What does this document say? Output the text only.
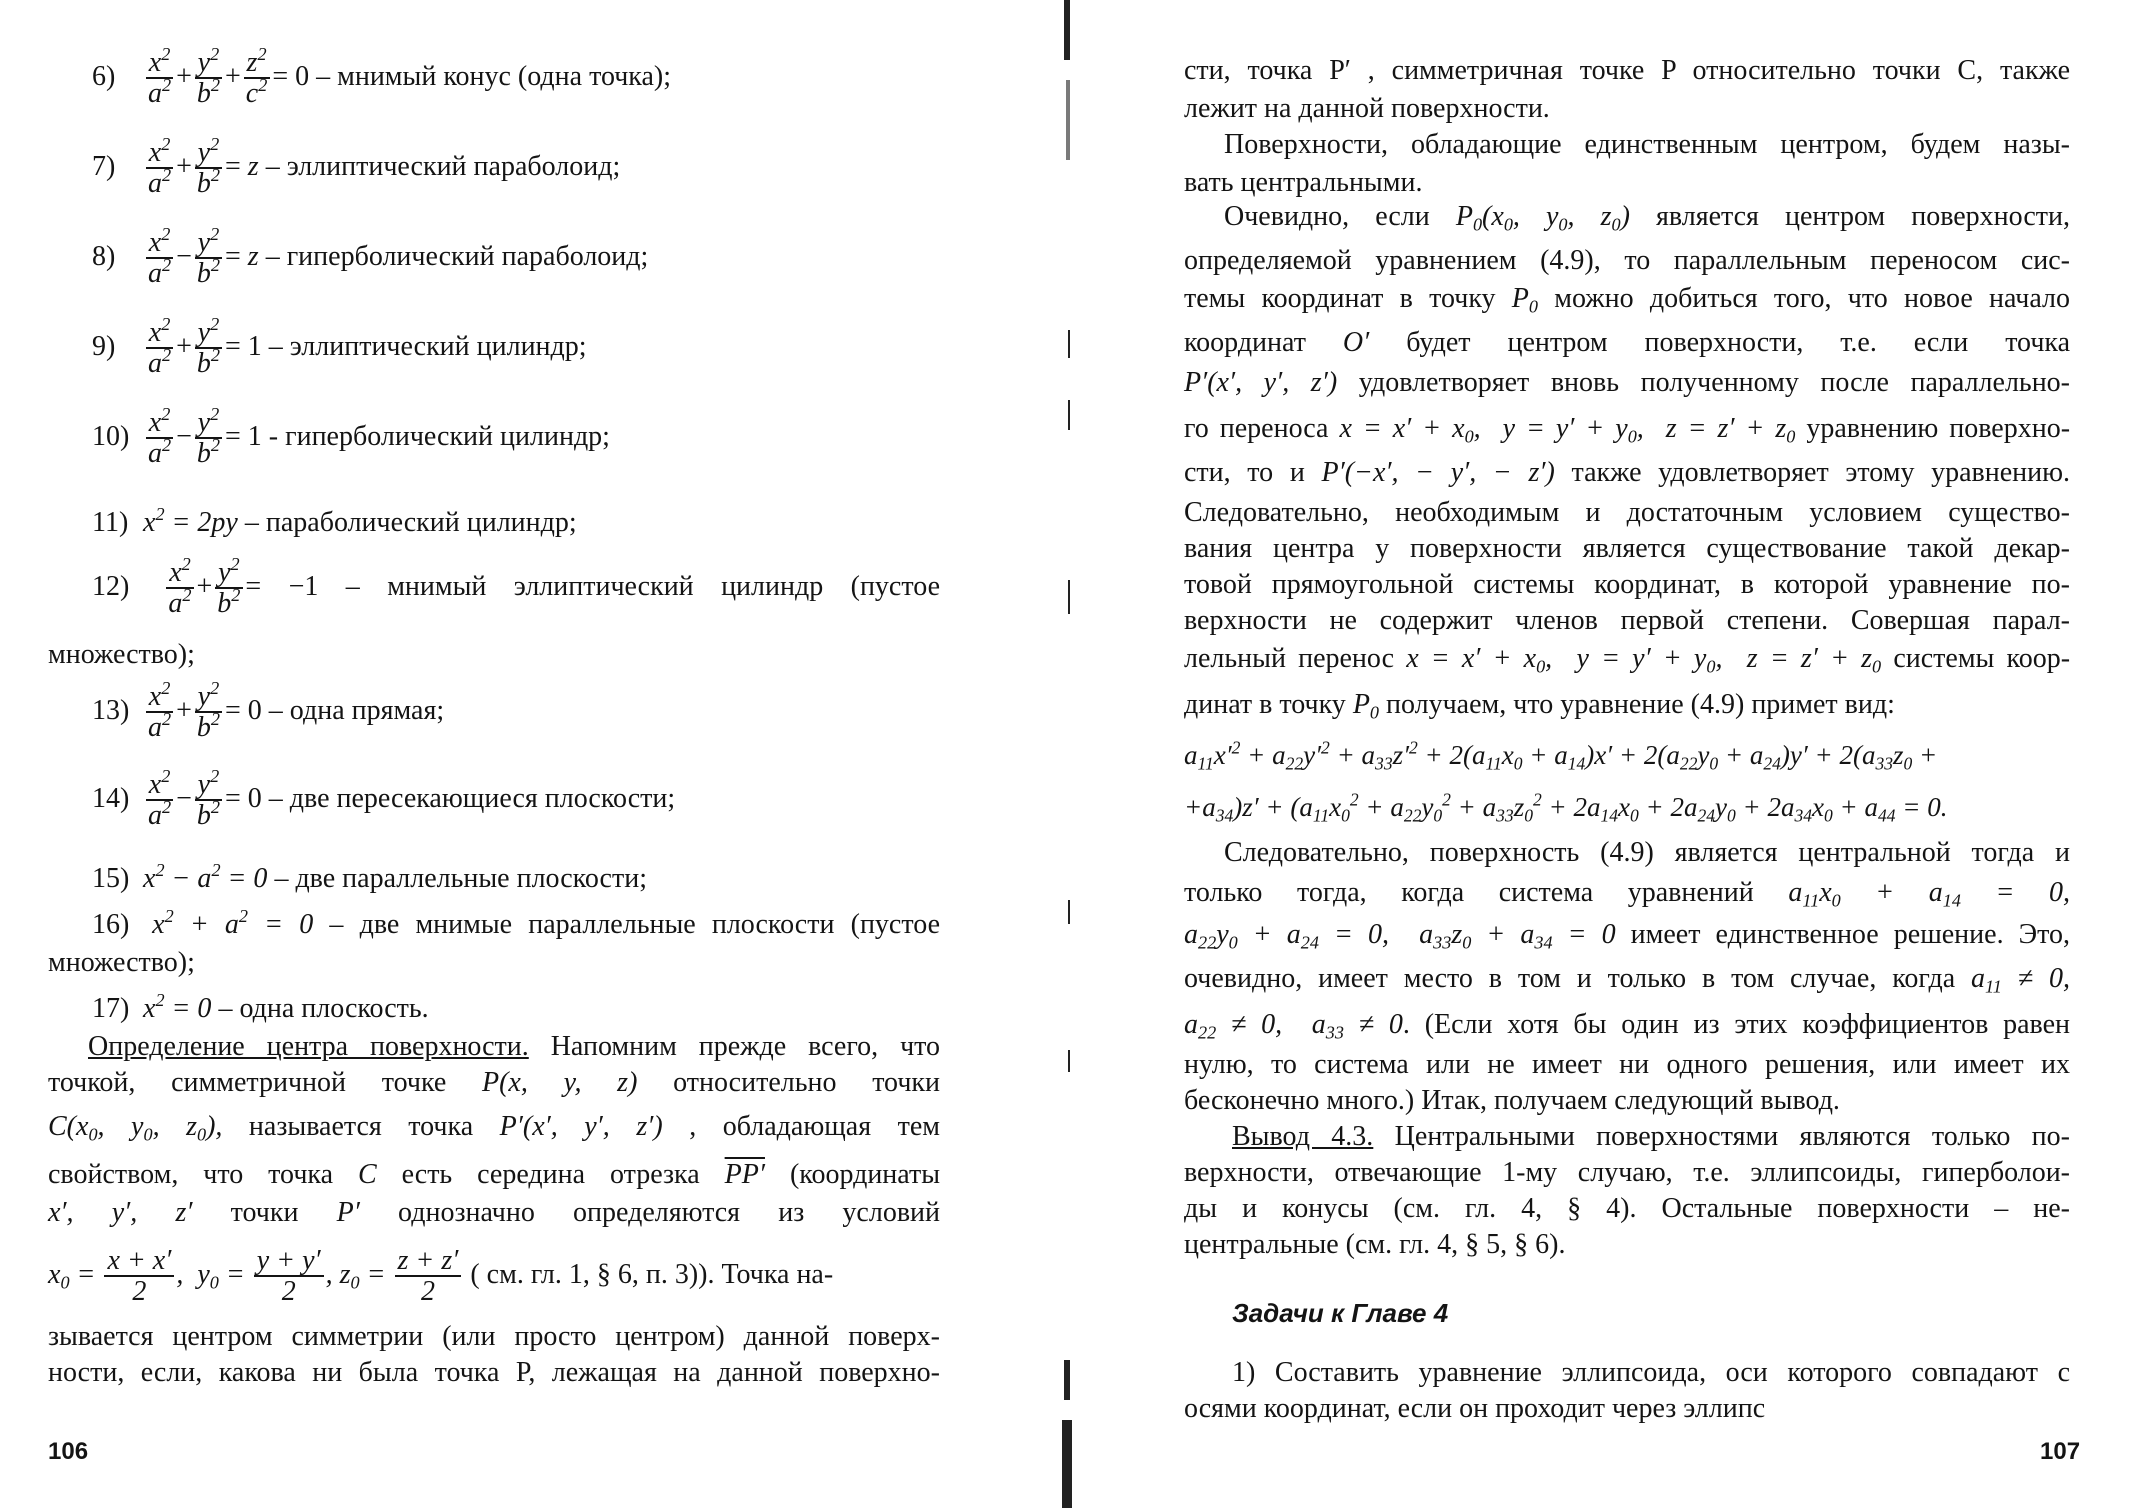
$6) \frac{x^2}{a^2} + \frac{y^2}{b^2} + \frac{z^2}{c^2} = 0$ – мнимый конус (одна точка);
$7) \frac{x^2}{a^2} + \frac{y^2}{b^2} = z$ – эллиптический параболоид;
$8) \frac{x^2}{a^2} - \frac{y^2}{b^2} = z$ – гиперболический параболоид;
$9) \frac{x^2}{a^2} + \frac{y^2}{b^2} = 1$ – эллиптический цилиндр;
$10) \frac{x^2}{a^2} - \frac{y^2}{b^2} = 1$ - гиперболический цилиндр;
11) $x^2 = 2py$ – параболический цилиндр;
$12) \frac{x^2}{a^2} + \frac{y^2}{b^2} = -1$ – мнимый эллиптический цилиндр (пустое
множество);
$13) \frac{x^2}{a^2} + \frac{y^2}{b^2} = 0$ – одна прямая;
$14) \frac{x^2}{a^2} - \frac{y^2}{b^2} = 0$ – две пересекающиеся плоскости;
15) $x^2 - a^2 = 0$ – две параллельные плоскости;
16) $x^2 + a^2 = 0$ – две мнимые параллельные плоскости (пустое
множество);
17) $x^2 = 0$ – одна плоскость.
Определение центра поверхности. Напомним прежде всего, что
точкой, симметричной точке P(x, y, z) относительно точки
$C(x_0$, $y_0$, $z_0$), называется точка P′(x′, y′, z′) , обладающая тем
свойством, что точка C есть середина отрезка PP′ (координаты
x′, y′, z′ точки P′ однозначно определяются из условий
$x_0 = \frac{x + x'}{2}$ ,  $y_0 = \frac{y + y'}{2}$ , $z_0 = \frac{z + z'}{2}$ ( см. гл. 1, § 6, п. 3)). Точка на-
зывается центром симметрии (или просто центром) данной поверх-
ности, если, какова ни была точка P, лежащая на данной поверхно-
106
сти, точка P′ , симметричная точке P относительно точки C, также
лежит на данной поверхности.
Поверхности, обладающие единственным центром, будем назы-
вать центральными.
Очевидно, если $P_0(x_0$, $y_0$, $z_0$) является центром поверхности,
определяемой уравнением (4.9), то параллельным переносом сис-
темы координат в точку $P_0$ можно добиться того, что новое начало
координат O′ будет центром поверхности, т.е. если точка
P′(x′, y′, z′) удовлетворяет вновь полученному после параллельно-
го переноса $x = x' + x_0$,  $y = y' + y_0$,  $z = z' + z_0$ уравнению поверхно-
сти, то и P′(−x′, − y′, − z′) также удовлетворяет этому уравнению.
Следовательно, необходимым и достаточным условием существо-
вания центра у поверхности является существование такой декар-
товой прямоугольной системы координат, в которой уравнение по-
верхности не содержит членов первой степени. Совершая парал-
лельный перенос $x = x' + x_0$,  $y = y' + y_0$,  $z = z' + z_0$ системы коор-
динат в точку $P_0$ получаем, что уравнение (4.9) примет вид:
$a_{11}x'^2 + a_{22}y'^2 + a_{33}z'^2 + 2(a_{11}x_0 + a_{14})x' + 2(a_{22}y_0 + a_{24})y' + 2(a_{33}z_0$ +
$+a_{34})z' + (a_{11}x_0^2 + a_{22}y_0^2 + a_{33}z_0^2 + 2a_{14}x_0 + 2a_{24}y_0 + 2a_{34}x_0 + a_{44} = 0$.
Следовательно, поверхность (4.9) является центральной тогда и
только тогда, когда система уравнений $a_{11}x_0 + a_{14} = 0$,
$a_{22}y_0 + a_{24} = 0$,  $a_{33}z_0 + a_{34} = 0$ имеет единственное решение. Это,
очевидно, имеет место в том и только в том случае, когда $a_{11} \ne 0$,
$a_{22} \ne 0$,  $a_{33} \ne 0$. (Если хотя бы один из этих коэффициентов равен
нулю, то система или не имеет ни одного решения, или имеет их
бесконечно много.) Итак, получаем следующий вывод.
Вывод 4.3. Центральными поверхностями являются только по-
верхности, отвечающие 1-му случаю, т.е. эллипсоиды, гиперболои-
ды и конусы (см. гл. 4, § 4). Остальные поверхности – не-
центральные (см. гл. 4, § 5, § 6).
Задачи к Главе 4
1) Составить уравнение эллипсоида, оси которого совпадают с
осями координат, если он проходит через эллипс
107
